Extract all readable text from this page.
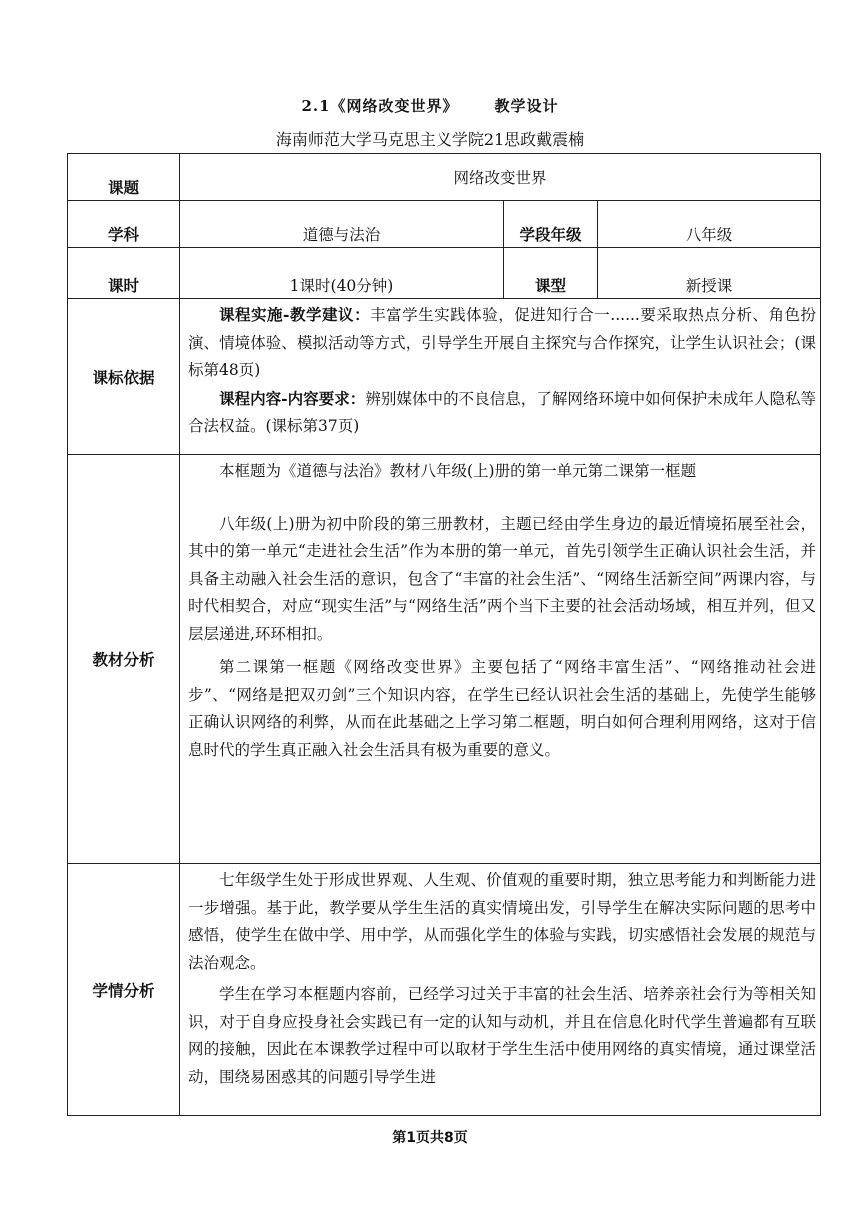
2.1《网络改变世界》 教学设计
海南师范大学马克思主义学院21思政戴震楠
课题	网络改变世界		
学科	道德与法治	学段年级	八年级
课时	1课时(40分钟)	课型	新授课
课标依据	课程实施-教学建议：丰富学生实践体验，促进知行合一......要采取热点分析、角色扮演、情境体验、模拟活动等方式，引导学生开展自主探究与合作探究，让学生认识社会；(课标第48页)

课程内容-内容要求：辨别媒体中的不良信息，了解网络环境中如何保护未成年人隐私等合法权益。(课标第37页)		

教材分析	本框题为《道德与法治》教材八年级(上)册的第一单元第二课第一框题

八年级(上)册为初中阶段的第三册教材，主题已经由学生身边的最近情境拓展至社会，其中的第一单元“走进社会生活”作为本册的第一单元，首先引领学生正确认识社会生活，并具备主动融入社会生活的意识，包含了“丰富的社会生活”、“网络生活新空间”两课内容，与时代相契合，对应“现实生活”与“网络生活”两个当下主要的社会活动场域，相互并列，但又层层递进,环环相扣。

第二课第一框题《网络改变世界》主要包括了“网络丰富生活”、“网络推动社会进步”、“网络是把双刃剑”三个知识内容，在学生已经认识社会生活的基础上，先使学生能够正确认识网络的利弊，从而在此基础之上学习第二框题，明白如何合理利用网络，这对于信息时代的学生真正融入社会生活具有极为重要的意义。		

学情分析	七年级学生处于形成世界观、人生观、价值观的重要时期，独立思考能力和判断能力进一步增强。基于此，教学要从学生生活的真实情境出发，引导学生在解决实际问题的思考中感悟，使学生在做中学、用中学，从而强化学生的体验与实践，切实感悟社会发展的规范与法治观念。

学生在学习本框题内容前，已经学习过关于丰富的社会生活、培养亲社会行为等相关知识，对于自身应投身社会实践已有一定的认知与动机，并且在信息化时代学生普遍都有互联网的接触，因此在本课教学过程中可以取材于学生生活中使用网络的真实情境，通过课堂活动，围绕易困惑其的问题引导学生进		

第1页共8页
